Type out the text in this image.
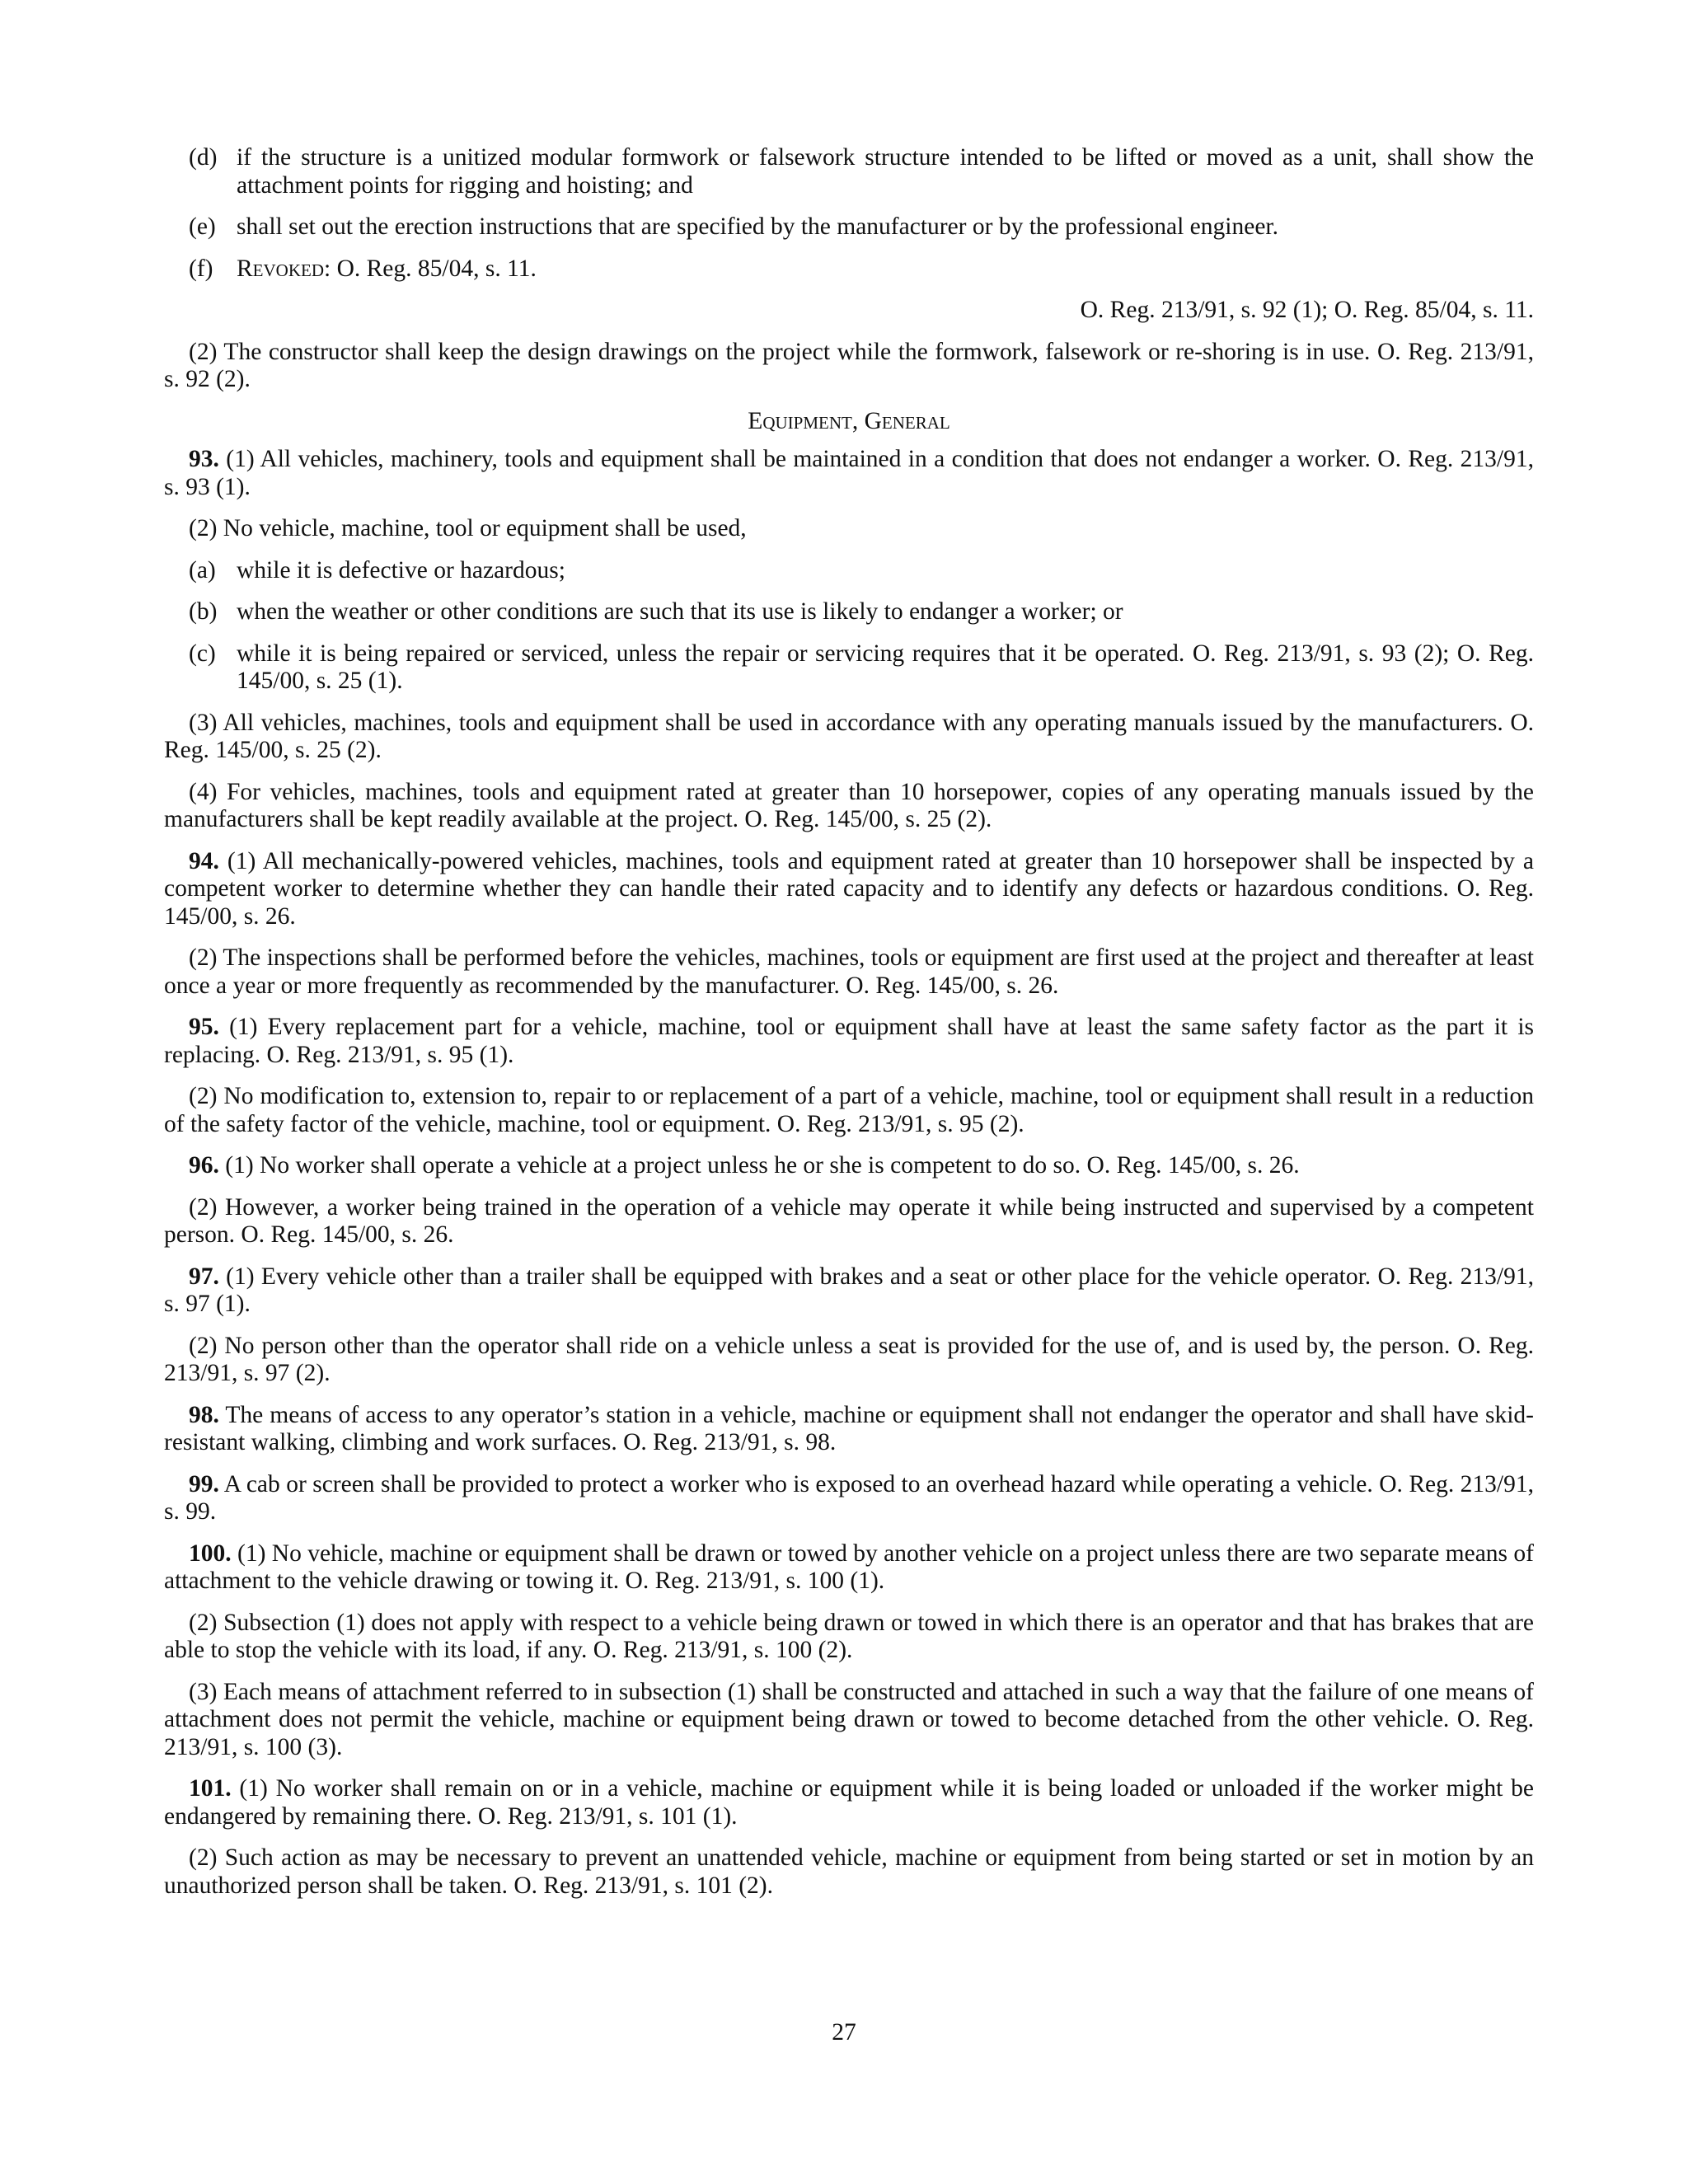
(d) if the structure is a unitized modular formwork or falsework structure intended to be lifted or moved as a unit, shall show the attachment points for rigging and hoisting; and

(e) shall set out the erection instructions that are specified by the manufacturer or by the professional engineer.

(f) Revoked: O. Reg. 85/04, s. 11.

O. Reg. 213/91, s. 92 (1); O. Reg. 85/04, s. 11.

(2) The constructor shall keep the design drawings on the project while the formwork, falsework or re-shoring is in use. O. Reg. 213/91, s. 92 (2).

Equipment, General

93. (1) All vehicles, machinery, tools and equipment shall be maintained in a condition that does not endanger a worker. O. Reg. 213/91, s. 93 (1).

(2) No vehicle, machine, tool or equipment shall be used,

(a) while it is defective or hazardous;

(b) when the weather or other conditions are such that its use is likely to endanger a worker; or

(c) while it is being repaired or serviced, unless the repair or servicing requires that it be operated. O. Reg. 213/91, s. 93 (2); O. Reg. 145/00, s. 25 (1).

(3) All vehicles, machines, tools and equipment shall be used in accordance with any operating manuals issued by the manufacturers. O. Reg. 145/00, s. 25 (2).

(4) For vehicles, machines, tools and equipment rated at greater than 10 horsepower, copies of any operating manuals issued by the manufacturers shall be kept readily available at the project. O. Reg. 145/00, s. 25 (2).

94. (1) All mechanically-powered vehicles, machines, tools and equipment rated at greater than 10 horsepower shall be inspected by a competent worker to determine whether they can handle their rated capacity and to identify any defects or hazardous conditions. O. Reg. 145/00, s. 26.

(2) The inspections shall be performed before the vehicles, machines, tools or equipment are first used at the project and thereafter at least once a year or more frequently as recommended by the manufacturer. O. Reg. 145/00, s. 26.

95. (1) Every replacement part for a vehicle, machine, tool or equipment shall have at least the same safety factor as the part it is replacing. O. Reg. 213/91, s. 95 (1).

(2) No modification to, extension to, repair to or replacement of a part of a vehicle, machine, tool or equipment shall result in a reduction of the safety factor of the vehicle, machine, tool or equipment. O. Reg. 213/91, s. 95 (2).

96. (1) No worker shall operate a vehicle at a project unless he or she is competent to do so. O. Reg. 145/00, s. 26.

(2) However, a worker being trained in the operation of a vehicle may operate it while being instructed and supervised by a competent person. O. Reg. 145/00, s. 26.

97. (1) Every vehicle other than a trailer shall be equipped with brakes and a seat or other place for the vehicle operator. O. Reg. 213/91, s. 97 (1).

(2) No person other than the operator shall ride on a vehicle unless a seat is provided for the use of, and is used by, the person. O. Reg. 213/91, s. 97 (2).

98. The means of access to any operator’s station in a vehicle, machine or equipment shall not endanger the operator and shall have skid-resistant walking, climbing and work surfaces. O. Reg. 213/91, s. 98.

99. A cab or screen shall be provided to protect a worker who is exposed to an overhead hazard while operating a vehicle. O. Reg. 213/91, s. 99.

100. (1) No vehicle, machine or equipment shall be drawn or towed by another vehicle on a project unless there are two separate means of attachment to the vehicle drawing or towing it. O. Reg. 213/91, s. 100 (1).

(2) Subsection (1) does not apply with respect to a vehicle being drawn or towed in which there is an operator and that has brakes that are able to stop the vehicle with its load, if any. O. Reg. 213/91, s. 100 (2).

(3) Each means of attachment referred to in subsection (1) shall be constructed and attached in such a way that the failure of one means of attachment does not permit the vehicle, machine or equipment being drawn or towed to become detached from the other vehicle. O. Reg. 213/91, s. 100 (3).

101. (1) No worker shall remain on or in a vehicle, machine or equipment while it is being loaded or unloaded if the worker might be endangered by remaining there. O. Reg. 213/91, s. 101 (1).

(2) Such action as may be necessary to prevent an unattended vehicle, machine or equipment from being started or set in motion by an unauthorized person shall be taken. O. Reg. 213/91, s. 101 (2).

27
